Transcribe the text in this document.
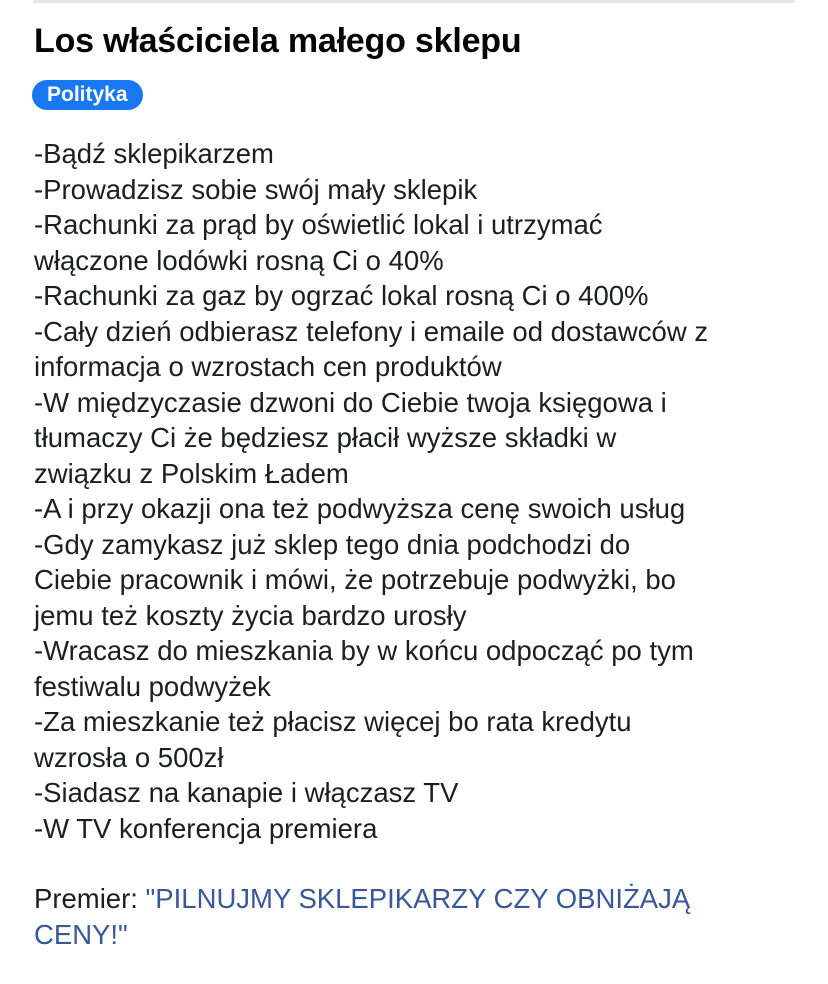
Los właściciela małego sklepu
Polityka
-Bądź sklepikarzem
-Prowadzisz sobie swój mały sklepik
-Rachunki za prąd by oświetlić lokal i utrzymać
włączone lodówki rosną Ci o 40%
-Rachunki za gaz by ogrzać lokal rosną Ci o 400%
-Cały dzień odbierasz telefony i emaile od dostawców z
informacja o wzrostach cen produktów
-W międzyczasie dzwoni do Ciebie twoja księgowa i
tłumaczy Ci że będziesz płacił wyższe składki w
związku z Polskim Ładem
-A i przy okazji ona też podwyższa cenę swoich usług
-Gdy zamykasz już sklep tego dnia podchodzi do
Ciebie pracownik i mówi, że potrzebuje podwyżki, bo
jemu też koszty życia bardzo urosły
-Wracasz do mieszkania by w końcu odpocząć po tym
festiwalu podwyżek
-Za mieszkanie też płacisz więcej bo rata kredytu
wzrosła o 500zł
-Siadasz na kanapie i włączasz TV
-W TV konferencja premiera
Premier: "PILNUJMY SKLEPIKARZY CZY OBNIŻAJĄ
CENY!"
